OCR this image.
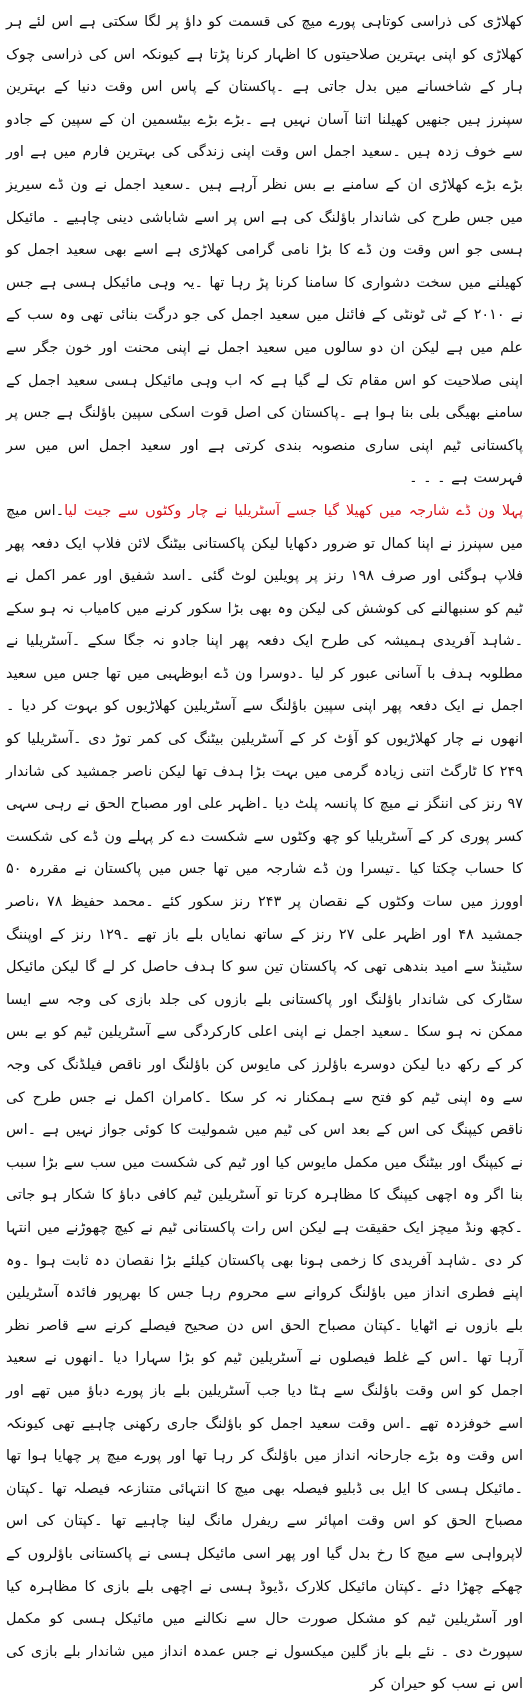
کھلاڑی کی ذراسی کوتاہی پورے میچ کی قسمت کو داؤ پر لگا سکتی ہے اس لئے ہر کھلاڑی کو اپنی بہترین صلاحیتوں کا اظہار کرنا پڑتا ہے کیونکہ اس کی ذراسی چوک ہار کے شاخسانے میں بدل جاتی ہے ۔پاکستان کے پاس اس وقت دنیا کے بہترین سپنرز ہیں جنھیں کھیلنا اتنا آسان نہیں ہے ۔بڑے بڑے بیٹسمین ان کے سپین کے جادو سے خوف زدہ ہیں ۔سعید اجمل اس وقت اپنی زندگی کی بہترین فارم میں ہے اور بڑے بڑے کھلاڑی ان کے سامنے بے بس نظر آرہے ہیں ۔سعید اجمل نے ون ڈے سیریز میں جس طرح کی شاندار باؤلنگ کی ہے اس پر اسے شاباشی دینی چاہیے ۔ مائیکل ہسی جو اس وقت ون ڈے کا بڑا نامی گرامی کھلاڑی ہے اسے بھی سعید اجمل کو کھیلنے میں سخت دشواری کا سامنا کرنا پڑ رہا تھا ۔یہ وہی مائیکل ہسی ہے جس نے ۲۰۱۰ کے ٹی ٹونٹی کے فائنل میں سعید اجمل کی جو درگت بنائی تھی وہ سب کے علم میں ہے لیکن ان دو سالوں میں سعید اجمل نے اپنی محنت اور خون جگر سے اپنی صلاحیت کو اس مقام تک لے گیا ہے کہ اب وہی مائیکل ہسی سعید اجمل کے سامنے بھیگی بلی بنا ہوا ہے ۔پاکستان کی اصل قوت اسکی سپین باؤلنگ ہے جس پر پاکستانی ٹیم اپنی ساری منصوبہ بندی کرتی ہے اور سعید اجمل اس میں سر فہرست ہے ۔ ۔ ۔

پہلا ون ڈے شارجہ میں کھیلا گیا جسے آسٹریلیا نے چار وکٹوں سے جیت لیا۔اس میچ میں سپنرز نے اپنا کمال تو ضرور دکھایا لیکن پاکستانی بیٹنگ لائن فلاپ ایک دفعہ پھر فلاپ ہوگئی اور صرف ۱۹۸ رنز پر پویلین لوٹ گئی ۔اسد شفیق اور عمر اکمل نے ٹیم کو سنبھالنے کی کوشش کی لیکن وہ بھی بڑا سکور کرنے میں کامیاب نہ ہو سکے ۔شاہد آفریدی ہمیشہ کی طرح ایک دفعہ پھر اپنا جادو نہ جگا سکے ۔آسٹریلیا نے مطلوبہ ہدف با آسانی عبور کر لیا ۔دوسرا ون ڈے ابوظہبی میں تھا جس میں سعید اجمل نے ایک دفعہ پھر اپنی سپین باؤلنگ سے آسٹریلین کھلاڑیوں کو بہوت کر دیا ۔انھوں نے چار کھلاڑیوں کو آؤٹ کر کے آسٹریلین بیٹنگ کی کمر توڑ دی ۔آسٹریلیا کو ۲۴۹ کا ٹارگٹ اتنی زیادہ گرمی میں بہت بڑا ہدف تھا لیکن ناصر جمشید کی شاندار ۹۷ رنز کی اننگز نے میچ کا پانسہ پلٹ دیا ۔اظہر علی اور مصباح الحق نے رہی سہی کسر پوری کر کے آسٹریلیا کو چھ وکٹوں سے شکست دے کر پہلے ون ڈے کی شکست کا حساب چکتا کیا ۔تیسرا ون ڈے شارجہ میں تھا جس میں پاکستان نے مقررہ ۵۰ اوورز میں سات وکٹوں کے نقصان پر ۲۴۳ رنز سکور کئے ۔محمد حفیظ ۷۸ ،ناصر جمشید ۴۸ اور اظہر علی ۲۷ رنز کے ساتھ نمایاں بلے باز تھے ۔۱۲۹ رنز کے اوپننگ سٹینڈ سے امید بندھی تھی کہ پاکستان تین سو کا ہدف حاصل کر لے گا لیکن مائیکل سٹارک کی شاندار باؤلنگ اور پاکستانی بلے بازوں کی جلد بازی کی وجہ سے ایسا ممکن نہ ہو سکا ۔سعید اجمل نے اپنی اعلی کارکردگی سے آسٹریلین ٹیم کو بے بس کر کے رکھ دیا لیکن دوسرے باؤلرز کی مایوس کن باؤلنگ اور ناقص فیلڈنگ کی وجہ سے وہ اپنی ٹیم کو فتح سے ہمکنار نہ کر سکا ۔کامران اکمل نے جس طرح کی ناقص کیپنگ کی اس کے بعد اس کی ٹیم میں شمولیت کا کوئی جواز نہیں ہے ۔اس نے کیپنگ اور بیٹنگ میں مکمل مایوس کیا اور ٹیم کی شکست میں سب سے بڑا سبب بنا اگر وہ اچھی کیپنگ کا مظاہرہ کرتا تو آسٹریلین ٹیم کافی دباؤ کا شکار ہو جاتی ۔کچھ ونڈ میچز ایک حقیقت ہے لیکن اس رات پاکستانی ٹیم نے کیچ چھوڑنے میں انتہا کر دی ۔شاہد آفریدی کا زخمی ہونا بھی پاکستان کیلئے بڑا نقصان دہ ثابت ہوا ۔وہ اپنے فطری انداز میں باؤلنگ کروانے سے محروم رہا جس کا بھرپور فائدہ آسٹریلین بلے بازوں نے اٹھایا ۔کپتان مصباح الحق اس دن صحیح فیصلے کرنے سے قاصر نظر آرہا تھا ۔اس کے غلط فیصلوں نے آسٹریلین ٹیم کو بڑا سہارا دیا ۔انھوں نے سعید اجمل کو اس وقت باؤلنگ سے ہٹا دیا جب آسٹریلین بلے باز پورے دباؤ میں تھے اور اسے خوفزدہ تھے ۔اس وقت سعید اجمل کو باؤلنگ جاری رکھنی چاہیے تھی کیونکہ اس وقت وہ بڑے جارحانہ انداز میں باؤلنگ کر رہا تھا اور پورے میچ پر چھایا ہوا تھا ۔مائیکل ہسی کا ایل بی ڈبلیو فیصلہ بھی میچ کا انتہائی متنازعہ فیصلہ تھا ۔کپتان مصباح الحق کو اس وقت امپائر سے ریفرل مانگ لینا چاہیے تھا ۔کپتان کی اس لاپرواہی سے میچ کا رخ بدل گیا اور پھر اسی مائیکل ہسی نے پاکستانی باؤلروں کے چھکے چھڑا دئے ۔کپتان مائیکل کلارک ،ڈیوڈ ہسی نے اچھی بلے بازی کا مظاہرہ کیا اور آسٹریلین ٹیم کو مشکل صورت حال سے نکالنے میں مائیکل ہسی کو مکمل سپورٹ دی ۔ نئے بلے باز گلین میکسول نے جس عمدہ انداز میں شاندار بلے بازی کی اس نے سب کو حیران کر
